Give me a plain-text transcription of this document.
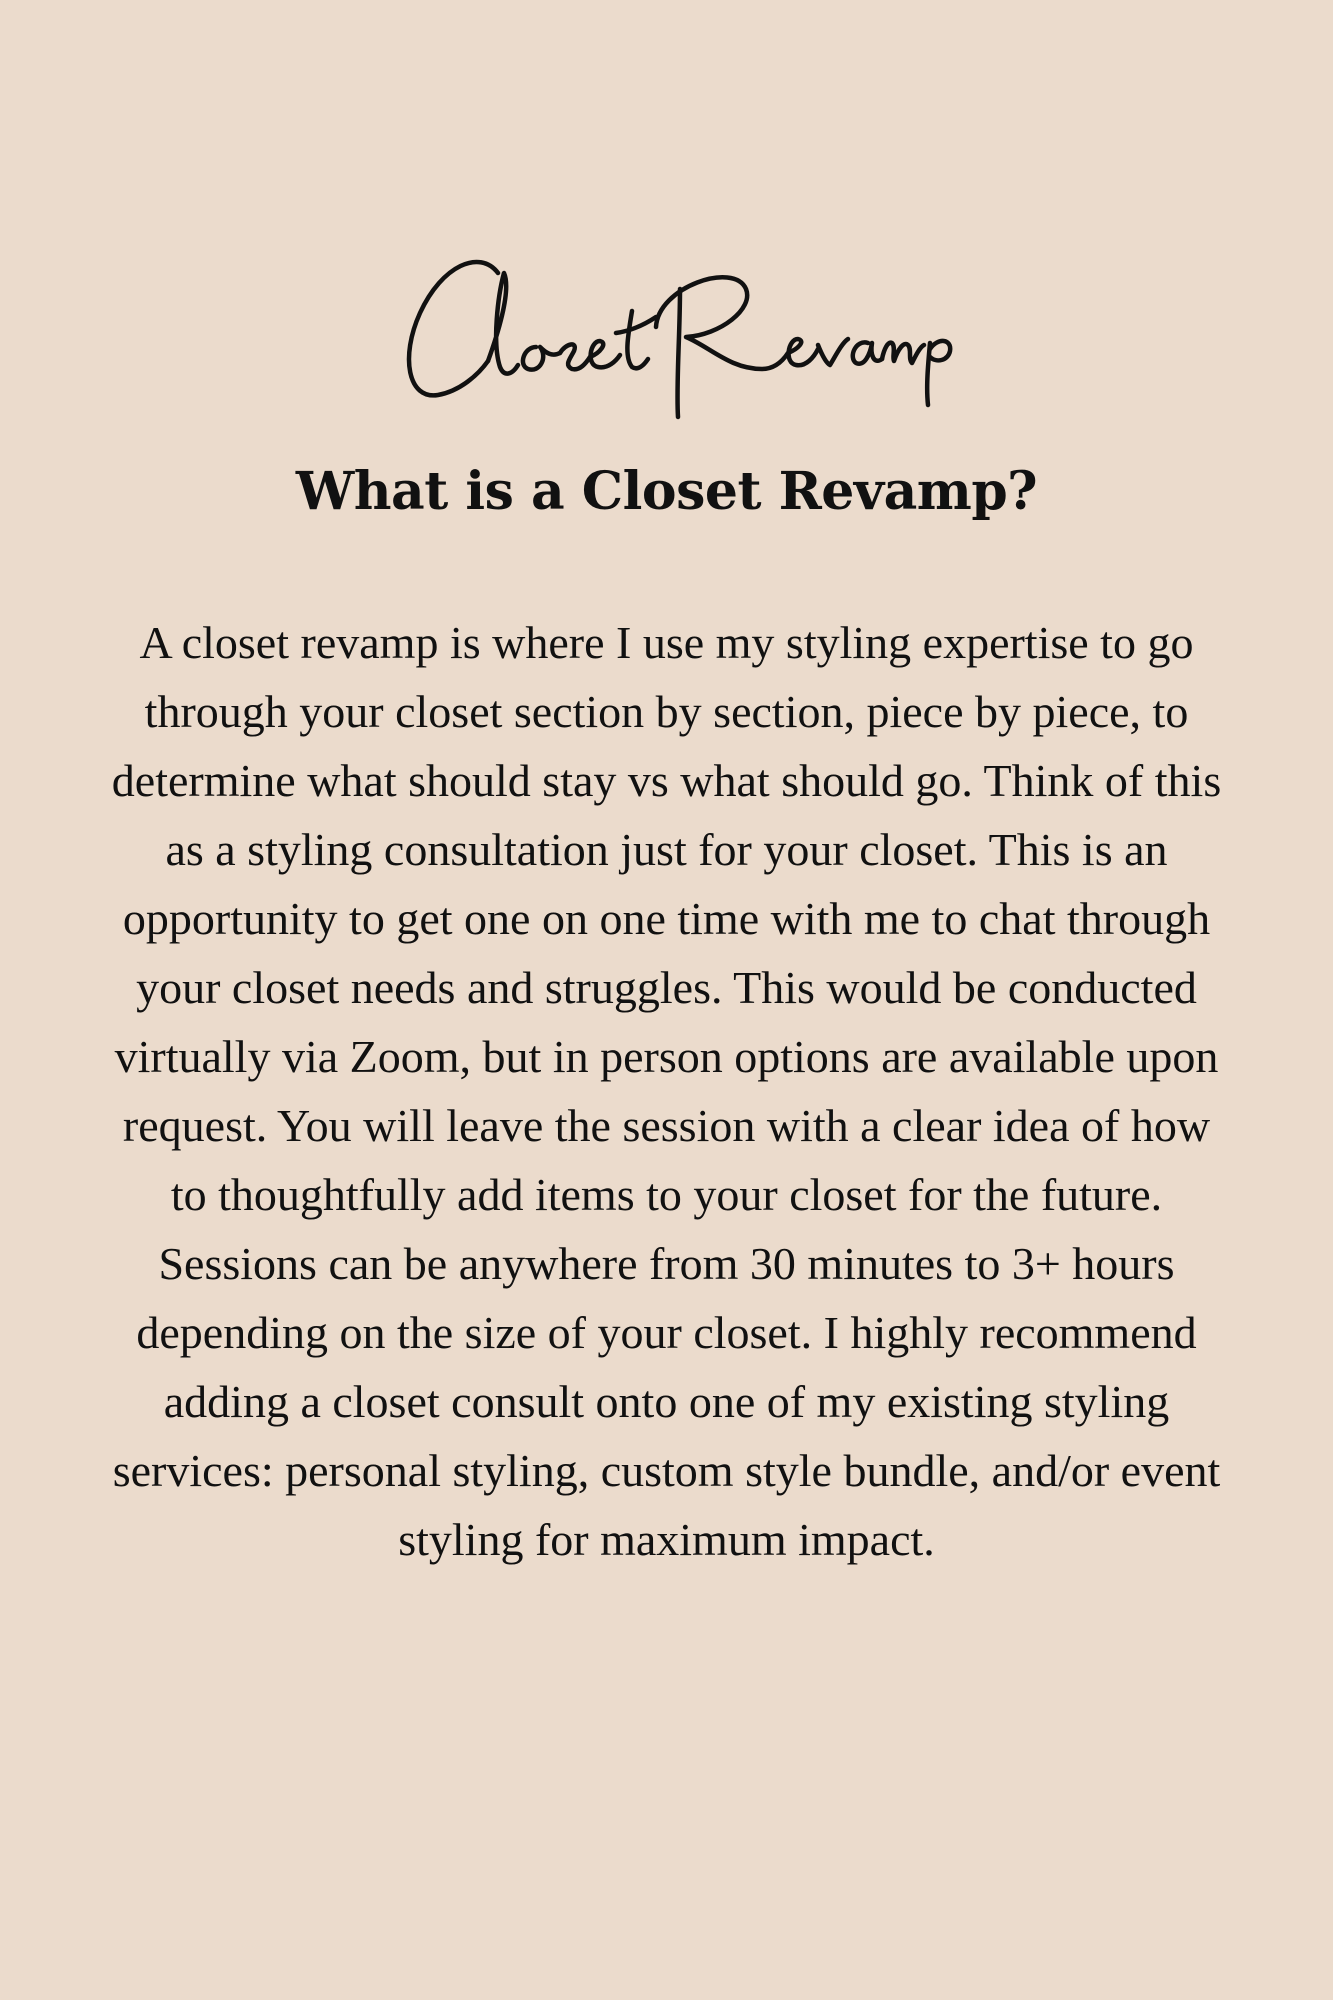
What is a Closet Revamp?

A closet revamp is where I use my styling expertise to go through your closet section by section, piece by piece, to determine what should stay vs what should go. Think of this as a styling consultation just for your closet. This is an opportunity to get one on one time with me to chat through your closet needs and struggles. This would be conducted virtually via Zoom, but in person options are available upon request. You will leave the session with a clear idea of how to thoughtfully add items to your closet for the future. Sessions can be anywhere from 30 minutes to 3+ hours depending on the size of your closet. I highly recommend adding a closet consult onto one of my existing styling services: personal styling, custom style bundle, and/or event styling for maximum impact.
